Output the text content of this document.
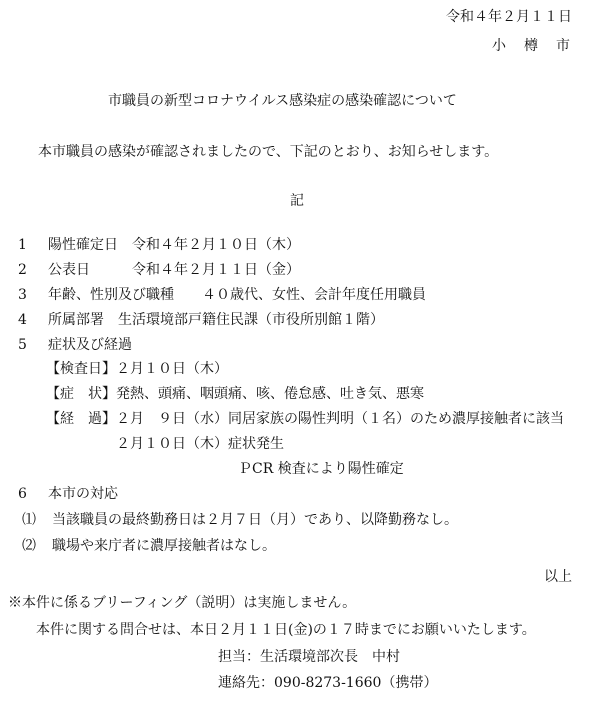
令和４年２月１１日
小　樽　市
市職員の新型コロナウイルス感染症の感染確認について
本市職員の感染が確認されましたので、下記のとおり、お知らせします。
記
1 陽性確定日　令和４年２月１０日（木）
2 公表日　　　令和４年２月１１日（金）
3 年齢、性別及び職種　　４０歳代、女性、会計年度任用職員
4 所属部署　生活環境部戸籍住民課（市役所別館１階）
5 症状及び経過
【検査日】２月１０日（木）
【症　状】発熱、頭痛、咽頭痛、咳、倦怠感、吐き気、悪寒
【経　過】２月　９日（水）同居家族の陽性判明（１名）のため濃厚接触者に該当
２月１０日（木）症状発生
ＰCR 検査により陽性確定
6 本市の対応
⑴ 当該職員の最終勤務日は２月７日（月）であり、以降勤務なし。
⑵ 職場や来庁者に濃厚接触者はなし。
以上
※本件に係るブリーフィング（説明）は実施しません。
本件に関する問合せは、本日２月１１日(金)の１７時までにお願いいたします。
担当：生活環境部次長　中村
連絡先：090-8273-1660（携帯）
